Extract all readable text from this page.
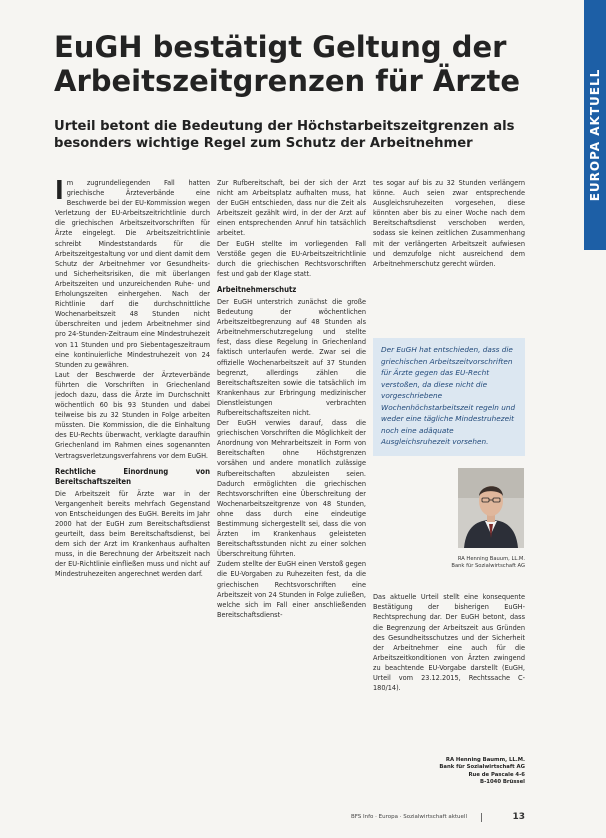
EUROPA AKTUELL
EuGH bestätigt Geltung der Arbeitszeitgrenzen für Ärzte
Urteil betont die Bedeutung der Höchstarbeitszeitgrenzen als besonders wichtige Regel zum Schutz der Arbeitnehmer

Im zugrundeliegenden Fall hatten griechische Ärzteverbände eine Beschwerde bei der EU-Kommission wegen Verletzung der EU-Arbeitszeitrichtlinie durch die griechischen Arbeitszeitvorschriften für Ärzte eingelegt. Die Arbeitszeitrichtlinie schreibt Mindeststandards für die Arbeitszeitgestaltung vor und dient damit dem Schutz der Arbeitnehmer vor Gesundheits- und Sicherheitsrisiken, die mit überlangen Arbeitszeiten und unzureichenden Ruhe- und Erholungszeiten einhergehen. Nach der Richtlinie darf die durchschnittliche Wochenarbeitszeit 48 Stunden nicht überschreiten und jedem Arbeitnehmer sind pro 24-Stunden-Zeitraum eine Mindestruhezeit von 11 Stunden und pro Siebentageszeitraum eine kontinuierliche Mindestruhezeit von 24 Stunden zu gewähren.

Laut der Beschwerde der Ärzteverbände führten die Vorschriften in Griechenland jedoch dazu, dass die Ärzte im Durchschnitt wöchentlich 60 bis 93 Stunden und dabei teilweise bis zu 32 Stunden in Folge arbeiten müssten. Die Kommission, die die Einhaltung des EU-Rechts überwacht, verklagte daraufhin Griechenland im Rahmen eines sogenannten Vertragsverletzungsverfahrens vor dem EuGH.

Rechtliche Einordnung von Bereitschaftszeiten

Die Arbeitszeit für Ärzte war in der Vergangenheit bereits mehrfach Gegenstand von Entscheidungen des EuGH. Bereits im Jahr 2000 hat der EuGH zum Bereitschaftsdienst geurteilt, dass beim Bereitschaftsdienst, bei dem sich der Arzt im Krankenhaus aufhalten muss, in die Berechnung der Arbeitszeit nach der EU-Richtlinie einfließen muss und nicht auf Mindestruhezeiten angerechnet werden darf.

Zur Rufbereitschaft, bei der sich der Arzt nicht am Arbeitsplatz aufhalten muss, hat der EuGH entschieden, dass nur die Zeit als Arbeitszeit gezählt wird, in der der Arzt auf einen entsprechenden Anruf hin tatsächlich arbeitet.

Der EuGH stellte im vorliegenden Fall Verstöße gegen die EU-Arbeitszeitrichtlinie durch die griechischen Rechtsvorschriften fest und gab der Klage statt.

Arbeitnehmerschutz

Der EuGH unterstrich zunächst die große Bedeutung der wöchentlichen Arbeitszeitbegrenzung auf 48 Stunden als Arbeitnehmerschutzregelung und stellte fest, dass diese Regelung in Griechenland faktisch unterlaufen werde. Zwar sei die offizielle Wochenarbeitszeit auf 37 Stunden begrenzt, allerdings zählen die Bereitschaftszeiten sowie die tatsächlich im Krankenhaus zur Erbringung medizinischer Dienstleistungen verbrachten Rufbereitschaftszeiten nicht.

Der EuGH verwies darauf, dass die griechischen Vorschriften die Möglichkeit der Anordnung von Mehrarbeitszeit in Form von Bereitschaften ohne Höchstgrenzen vorsähen und andere monatlich zulässige Rufbereitschaften abzuleisten seien. Dadurch ermöglichten die griechischen Rechtsvorschriften eine Überschreitung der Wochenarbeitszeitgrenze von 48 Stunden, ohne dass durch eine eindeutige Bestimmung sichergestellt sei, dass die von Ärzten im Krankenhaus geleisteten Bereitschaftsstunden nicht zu einer solchen Überschreitung führten.

Zudem stellte der EuGH einen Verstoß gegen die EU-Vorgaben zu Ruhezeiten fest, da die griechischen Rechtsvorschriften eine Arbeitszeit von 24 Stunden in Folge zuließen, welche sich im Fall einer anschließenden Bereitschaftsdienst-

tes sogar auf bis zu 32 Stunden verlängern könne. Auch seien zwar entsprechende Ausgleichsruhezeiten vorgesehen, diese könnten aber bis zu einer Woche nach dem Bereitschaftsdienst verschoben werden, sodass sie keinen zeitlichen Zusammenhang mit der verlängerten Arbeitszeit aufwiesen und demzufolge nicht ausreichend dem Arbeitnehmerschutz gerecht würden.

Der EuGH hat entschieden, dass die griechischen Arbeitszeitvorschriften für Ärzte gegen das EU-Recht verstoßen, da diese nicht die vorgeschriebene Wochenhöchstarbeitszeit regeln und weder eine tägliche Mindestruhezeit noch eine adäquate Ausgleichsruhezeit vorsehen.
RA Henning Bauum, LL.M.
Bank für Sozialwirtschaft AG

Das aktuelle Urteil stellt eine konsequente Bestätigung der bisherigen EuGH-Rechtsprechung dar. Der EuGH betont, dass die Begrenzung der Arbeitszeit aus Gründen des Gesundheitsschutzes und der Sicherheit der Arbeitnehmer eine auch für die Arbeitszeitkonditionen von Ärzten zwingend zu beachtende EU-Vorgabe darstellt (EuGH, Urteil vom 23.12.2015, Rechtssache C-180/14).

RA Henning Baumm, LL.M.
Bank für Sozialwirtschaft AG
Rue de Pascale 4-6
B-1040 Brüssel
BFS Info · Europa · Sozialwirtschaft aktuell |	13
